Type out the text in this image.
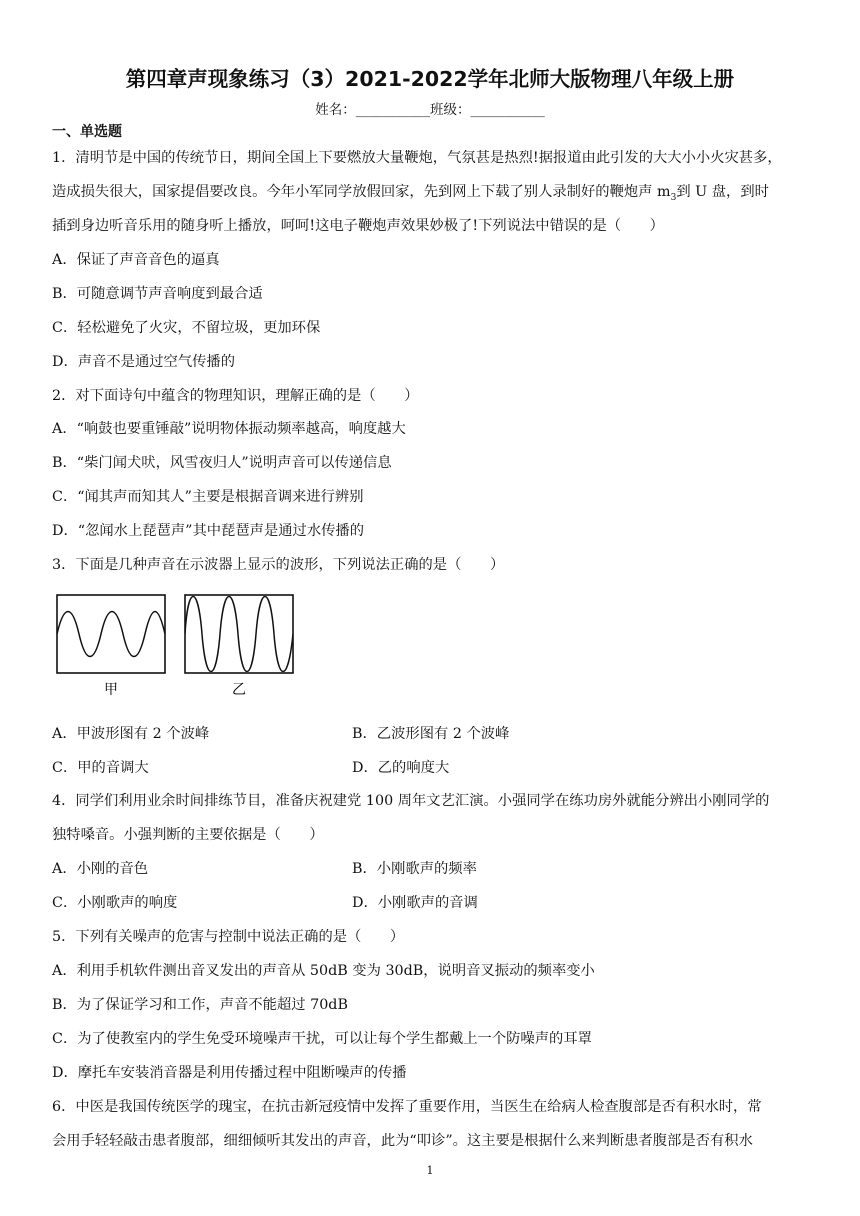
第四章声现象练习（3）2021-2022学年北师大版物理八年级上册
姓名：___________班级：___________
一、单选题
1．清明节是中国的传统节日，期间全国上下要燃放大量鞭炮，气氛甚是热烈!据报道由此引发的大大小小火灾甚多，
造成损失很大，国家提倡要改良。今年小军同学放假回家，先到网上下载了别人录制好的鞭炮声 $m_3$到 U 盘，到时
插到身边听音乐用的随身听上播放，呵呵!这电子鞭炮声效果妙极了!下列说法中错误的是（　　）
A．保证了声音音色的逼真
B．可随意调节声音响度到最合适
C．轻松避免了火灾，不留垃圾，更加环保
D．声音不是通过空气传播的
2．对下面诗句中蕴含的物理知识，理解正确的是（　　）
A．“响鼓也要重锤敲”说明物体振动频率越高，响度越大
B．“柴门闻犬吠，风雪夜归人”说明声音可以传递信息
C．“闻其声而知其人”主要是根据音调来进行辨别
D．“忽闻水上琵琶声”其中琵琶声是通过水传播的
3．下面是几种声音在示波器上显示的波形，下列说法正确的是（　　）
甲	乙
A．甲波形图有 2 个波峰	B．乙波形图有 2 个波峰
C．甲的音调大	D．乙的响度大
4．同学们利用业余时间排练节目，准备庆祝建党 100 周年文艺汇演。小强同学在练功房外就能分辨出小刚同学的
独特嗓音。小强判断的主要依据是（　　）
A．小刚的音色	B．小刚歌声的频率
C．小刚歌声的响度	D．小刚歌声的音调
5．下列有关噪声的危害与控制中说法正确的是（　　）
A．利用手机软件测出音叉发出的声音从 50dB 变为 30dB，说明音叉振动的频率变小
B．为了保证学习和工作，声音不能超过 70dB
C．为了使教室内的学生免受环境噪声干扰，可以让每个学生都戴上一个防噪声的耳罩
D．摩托车安装消音器是利用传播过程中阻断噪声的传播
6．中医是我国传统医学的瑰宝，在抗击新冠疫情中发挥了重要作用，当医生在给病人检查腹部是否有积水时，常
会用手轻轻敲击患者腹部，细细倾听其发出的声音，此为“叩诊”。这主要是根据什么来判断患者腹部是否有积水
1
